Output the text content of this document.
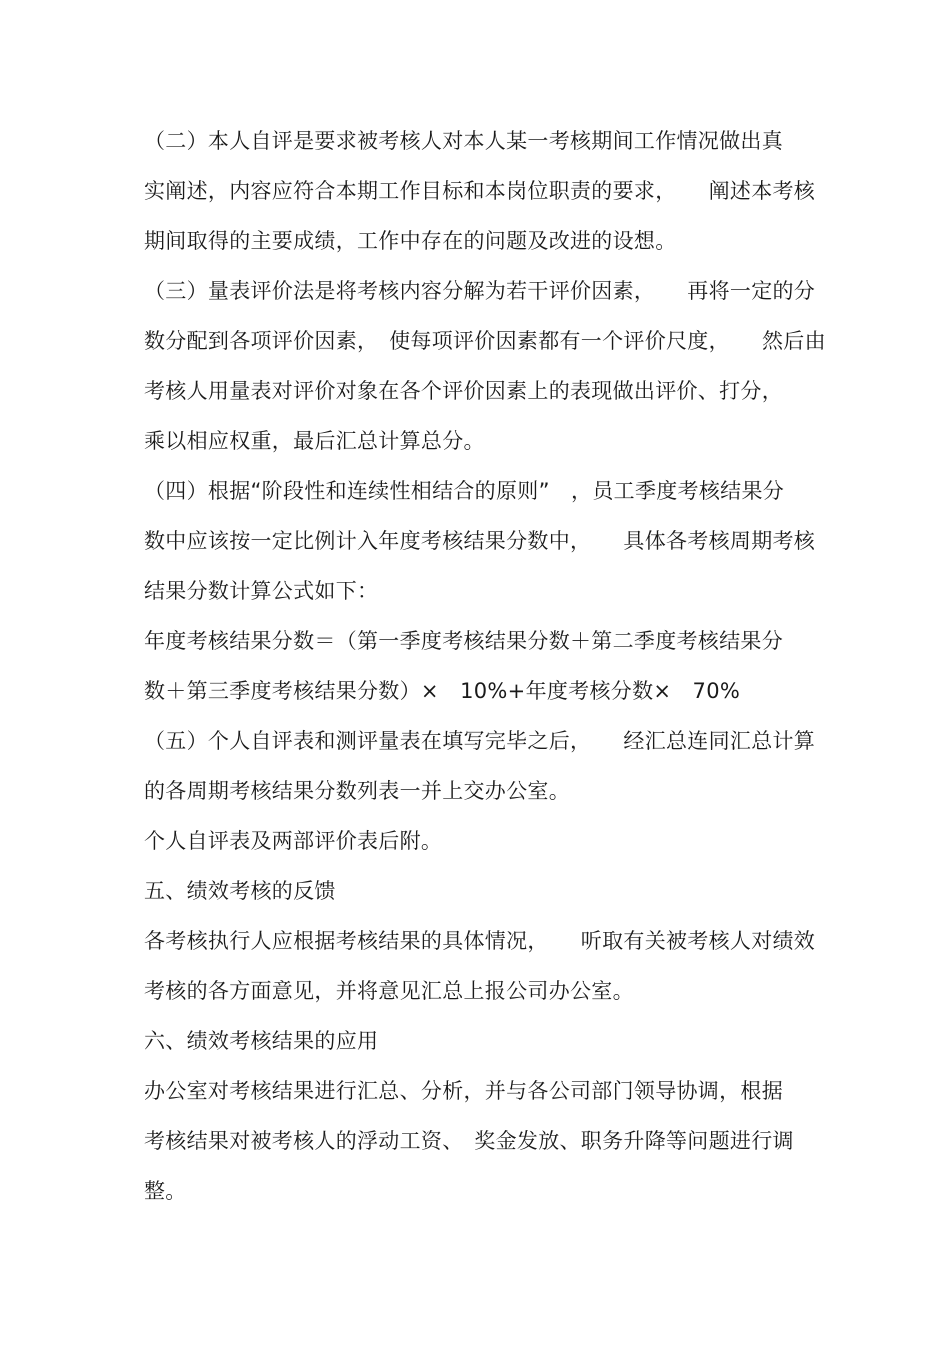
（二）本人自评是要求被考核人对本人某一考核期间工作情况做出真
实阐述，内容应符合本期工作目标和本岗位职责的要求，　　阐述本考核
期间取得的主要成绩，工作中存在的问题及改进的设想。
（三）量表评价法是将考核内容分解为若干评价因素，　　再将一定的分
数分配到各项评价因素，　使每项评价因素都有一个评价尺度，　　然后由
考核人用量表对评价对象在各个评价因素上的表现做出评价、打分，
乘以相应权重，最后汇总计算总分。
（四）根据“阶段性和连续性相结合的原则”　，员工季度考核结果分
数中应该按一定比例计入年度考核结果分数中，　　具体各考核周期考核
结果分数计算公式如下：
年度考核结果分数＝（第一季度考核结果分数＋第二季度考核结果分
数＋第三季度考核结果分数）×　10%+年度考核分数×　70%
（五）个人自评表和测评量表在填写完毕之后，　　经汇总连同汇总计算
的各周期考核结果分数列表一并上交办公室。
个人自评表及两部评价表后附。
五、绩效考核的反馈
各考核执行人应根据考核结果的具体情况，　　听取有关被考核人对绩效
考核的各方面意见，并将意见汇总上报公司办公室。
六、绩效考核结果的应用
办公室对考核结果进行汇总、分析，并与各公司部门领导协调，根据
考核结果对被考核人的浮动工资、　奖金发放、职务升降等问题进行调
整。
